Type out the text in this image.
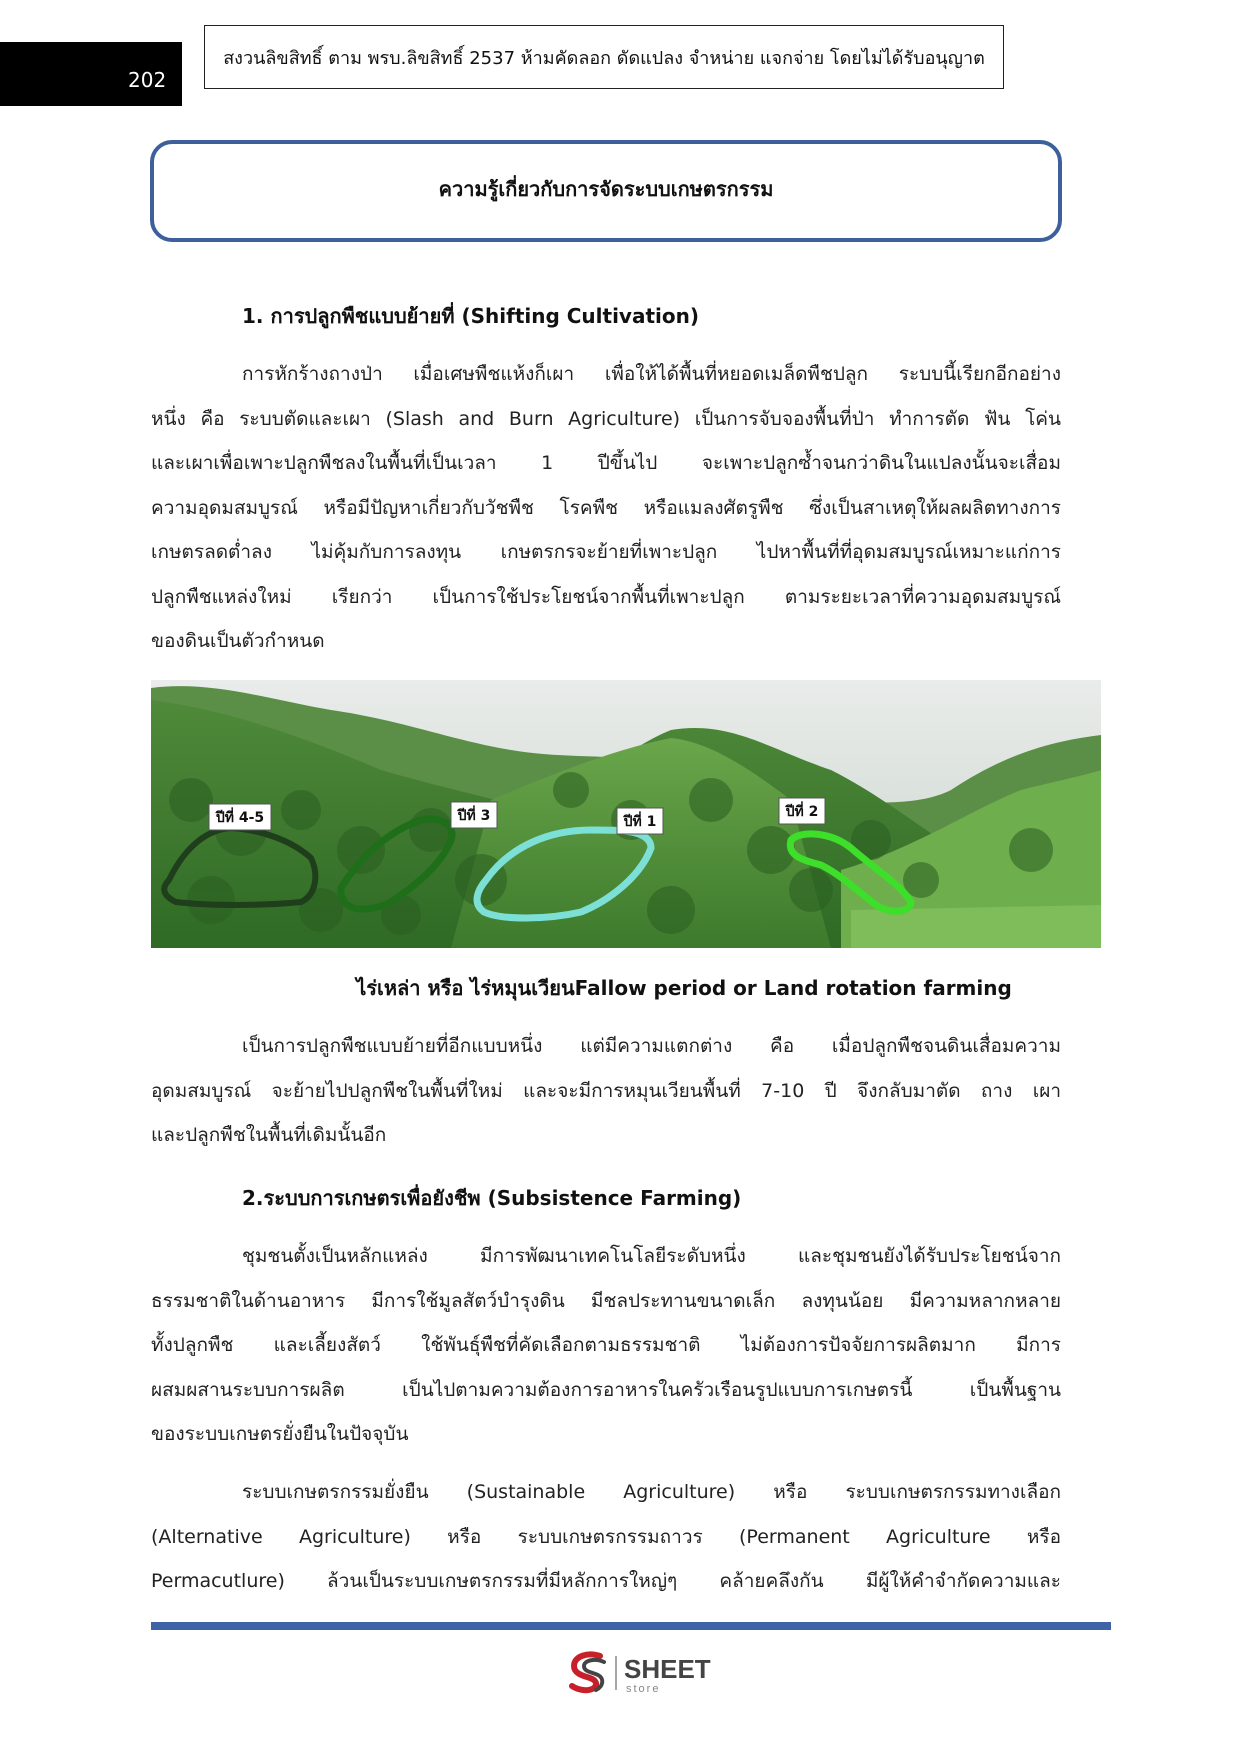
202
สงวนลิขสิทธิ์ ตาม พรบ.ลิขสิทธิ์ 2537 ห้ามคัดลอก ดัดแปลง จำหน่าย แจกจ่าย โดยไม่ได้รับอนุญาต
ความรู้เกี่ยวกับการจัดระบบเกษตรกรรม
1. การปลูกพืชแบบย้ายที่ (Shifting Cultivation)
การหักร้างถางป่า เมื่อเศษพืชแห้งก็เผา เพื่อให้ได้พื้นที่หยอดเมล็ดพืชปลูก ระบบนี้เรียกอีกอย่าง
หนึ่ง คือ ระบบตัดและเผา (Slash and Burn Agriculture) เป็นการจับจองพื้นที่ป่า ทำการตัด ฟัน โค่น
และเผาเพื่อเพาะปลูกพืชลงในพื้นที่เป็นเวลา 1 ปีขึ้นไป จะเพาะปลูกซ้ำจนกว่าดินในแปลงนั้นจะเสื่อม
ความอุดมสมบูรณ์ หรือมีปัญหาเกี่ยวกับวัชพืช โรคพืช หรือแมลงศัตรูพืช ซึ่งเป็นสาเหตุให้ผลผลิตทางการ
เกษตรลดต่ำลง ไม่คุ้มกับการลงทุน เกษตรกรจะย้ายที่เพาะปลูก ไปหาพื้นที่ที่อุดมสมบูรณ์เหมาะแก่การ
ปลูกพืชแหล่งใหม่ เรียกว่า เป็นการใช้ประโยชน์จากพื้นที่เพาะปลูก ตามระยะเวลาที่ความอุดมสมบูรณ์
ของดินเป็นตัวกำหนด
ปีที่ 4-5	ปีที่ 3	ปีที่ 1
ปีที่ 2
ไร่เหล่า หรือ ไร่หมุนเวียนFallow period or Land rotation farming
เป็นการปลูกพืชแบบย้ายที่อีกแบบหนึ่ง แต่มีความแตกต่าง คือ เมื่อปลูกพืชจนดินเสื่อมความ
อุดมสมบูรณ์ จะย้ายไปปลูกพืชในพื้นที่ใหม่ และจะมีการหมุนเวียนพื้นที่ 7-10 ปี จึงกลับมาตัด ถาง เผา
และปลูกพืชในพื้นที่เดิมนั้นอีก
2.ระบบการเกษตรเพื่อยังชีพ (Subsistence Farming)
ชุมชนตั้งเป็นหลักแหล่ง มีการพัฒนาเทคโนโลยีระดับหนึ่ง และชุมชนยังได้รับประโยชน์จาก
ธรรมชาติในด้านอาหาร มีการใช้มูลสัตว์บำรุงดิน มีชลประทานขนาดเล็ก ลงทุนน้อย มีความหลากหลาย
ทั้งปลูกพืช และเลี้ยงสัตว์ ใช้พันธุ์พืชที่คัดเลือกตามธรรมชาติ ไม่ต้องการปัจจัยการผลิตมาก มีการ
ผสมผสานระบบการผลิต เป็นไปตามความต้องการอาหารในครัวเรือนรูปแบบการเกษตรนี้ เป็นพื้นฐาน
ของระบบเกษตรยั่งยืนในปัจจุบัน
ระบบเกษตรกรรมยั่งยืน (Sustainable Agriculture) หรือ ระบบเกษตรกรรมทางเลือก
(Alternative Agriculture) หรือ ระบบเกษตรกรรมถาวร (Permanent Agriculture หรือ
Permacutlure) ล้วนเป็นระบบเกษตรกรรมที่มีหลักการใหญ่ๆ คล้ายคลึงกัน มีผู้ให้คำจำกัดความและ
SHEET
store
